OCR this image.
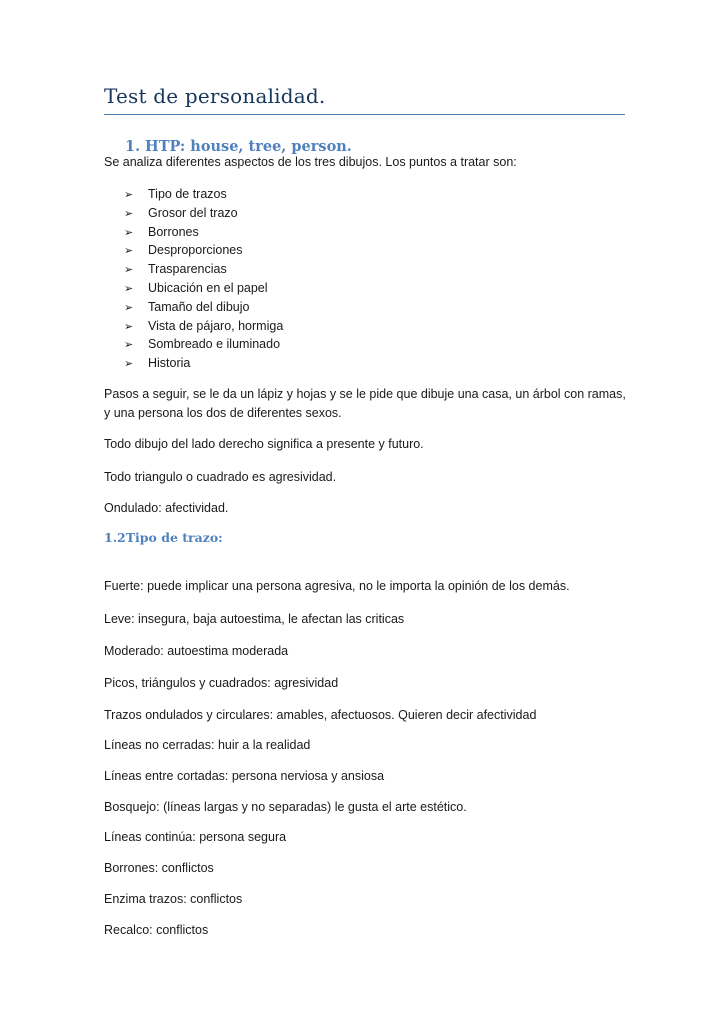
Test de personalidad.
1. HTP: house, tree, person.
Se analiza diferentes aspectos de los tres dibujos. Los puntos a tratar son:
➢ Tipo de trazos
➢ Grosor del trazo
➢ Borrones
➢ Desproporciones
➢ Trasparencias
➢ Ubicación en el papel
➢ Tamaño del dibujo
➢ Vista de pájaro, hormiga
➢ Sombreado e iluminado
➢ Historia
Pasos a seguir, se le da un lápiz y hojas y se le pide que dibuje una casa, un árbol con ramas, y una persona los dos de diferentes sexos.
Todo dibujo del lado derecho significa a presente y futuro.
Todo triangulo o cuadrado es agresividad.
Ondulado: afectividad.
1.2Tipo de trazo:
Fuerte: puede implicar una persona agresiva, no le importa la opinión de los demás.
Leve: insegura, baja autoestima, le afectan las criticas
Moderado: autoestima moderada
Picos, triángulos y cuadrados: agresividad
Trazos ondulados y circulares: amables, afectuosos. Quieren decir afectividad
Líneas no cerradas: huir a la realidad
Líneas entre cortadas: persona nerviosa y ansiosa
Bosquejo: (líneas largas y no separadas) le gusta el arte estético.
Líneas continúa: persona segura
Borrones: conflictos
Enzima trazos: conflictos
Recalco: conflictos
